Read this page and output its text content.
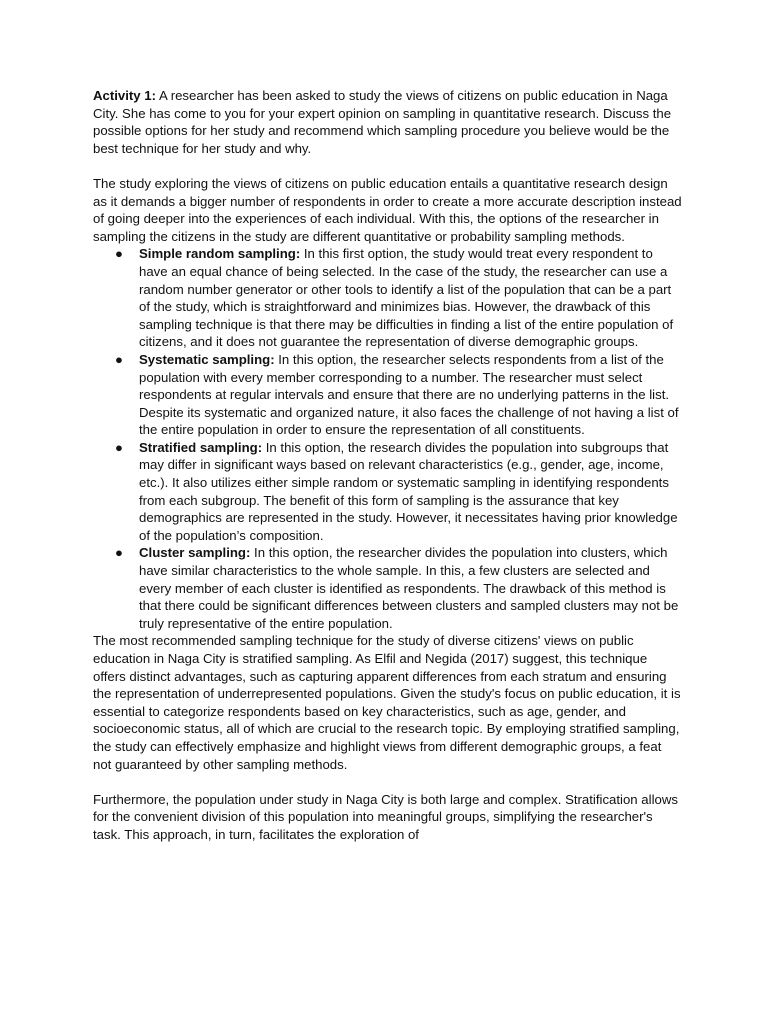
Activity 1: A researcher has been asked to study the views of citizens on public education in Naga City. She has come to you for your expert opinion on sampling in quantitative research. Discuss the possible options for her study and recommend which sampling procedure you believe would be the best technique for her study and why.

The study exploring the views of citizens on public education entails a quantitative research design as it demands a bigger number of respondents in order to create a more accurate description instead of going deeper into the experiences of each individual. With this, the options of the researcher in sampling the citizens in the study are different quantitative or probability sampling methods.

● Simple random sampling: In this first option, the study would treat every respondent to have an equal chance of being selected. In the case of the study, the researcher can use a random number generator or other tools to identify a list of the population that can be a part of the study, which is straightforward and minimizes bias. However, the drawback of this sampling technique is that there may be difficulties in finding a list of the entire population of citizens, and it does not guarantee the representation of diverse demographic groups.
● Systematic sampling: In this option, the researcher selects respondents from a list of the population with every member corresponding to a number. The researcher must select respondents at regular intervals and ensure that there are no underlying patterns in the list. Despite its systematic and organized nature, it also faces the challenge of not having a list of the entire population in order to ensure the representation of all constituents.
● Stratified sampling: In this option, the research divides the population into subgroups that may differ in significant ways based on relevant characteristics (e.g., gender, age, income, etc.). It also utilizes either simple random or systematic sampling in identifying respondents from each subgroup. The benefit of this form of sampling is the assurance that key demographics are represented in the study. However, it necessitates having prior knowledge of the population’s composition.
● Cluster sampling: In this option, the researcher divides the population into clusters, which have similar characteristics to the whole sample. In this, a few clusters are selected and every member of each cluster is identified as respondents. The drawback of this method is that there could be significant differences between clusters and sampled clusters may not be truly representative of the entire population.

The most recommended sampling technique for the study of diverse citizens' views on public education in Naga City is stratified sampling. As Elfil and Negida (2017) suggest, this technique offers distinct advantages, such as capturing apparent differences from each stratum and ensuring the representation of underrepresented populations. Given the study's focus on public education, it is essential to categorize respondents based on key characteristics, such as age, gender, and socioeconomic status, all of which are crucial to the research topic. By employing stratified sampling, the study can effectively emphasize and highlight views from different demographic groups, a feat not guaranteed by other sampling methods.

Furthermore, the population under study in Naga City is both large and complex. Stratification allows for the convenient division of this population into meaningful groups, simplifying the researcher's task. This approach, in turn, facilitates the exploration of
